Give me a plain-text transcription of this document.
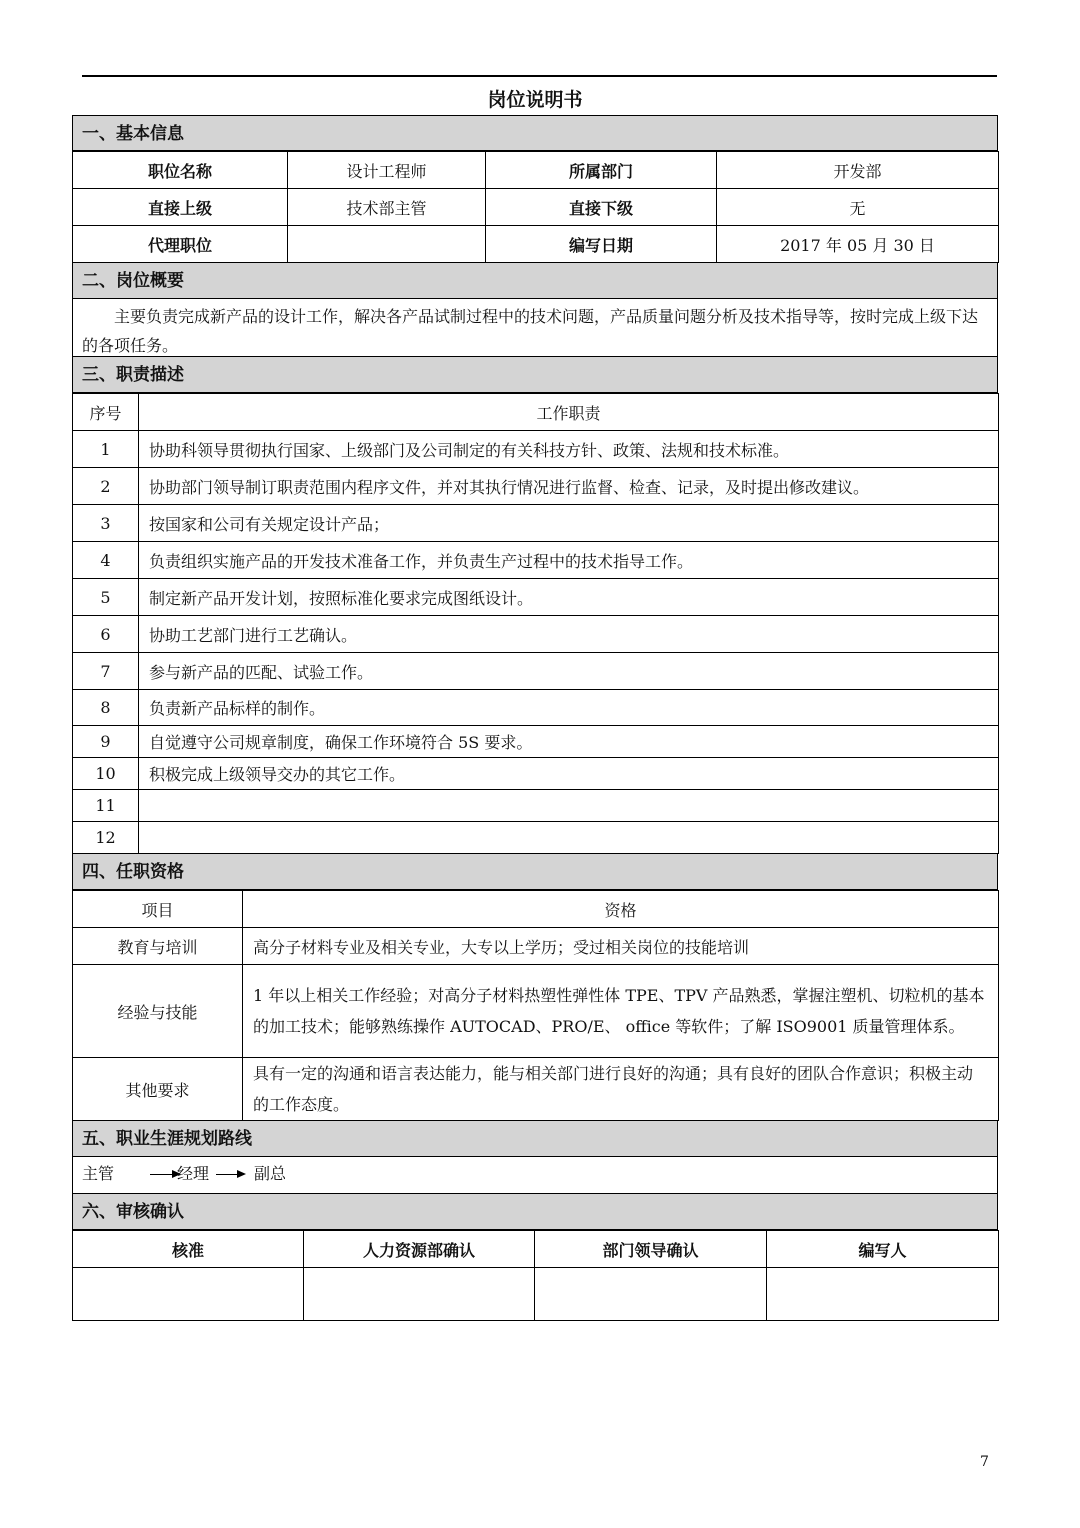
岗位说明书
一、基本信息
职位名称	设计工程师	所属部门	开发部
直接上级	技术部主管	直接下级	无
代理职位		编写日期	2017 年 05 月 30 日
二、岗位概要
主要负责完成新产品的设计工作，解决各产品试制过程中的技术问题，产品质量问题分析及技术指导等，按时完成上级下达的各项任务。
三、职责描述
序号	工作职责
1	协助科领导贯彻执行国家、上级部门及公司制定的有关科技方针、政策、法规和技术标准。
2	协助部门领导制订职责范围内程序文件，并对其执行情况进行监督、检查、记录，及时提出修改建议。
3	按国家和公司有关规定设计产品；
4	负责组织实施产品的开发技术准备工作，并负责生产过程中的技术指导工作。
5	制定新产品开发计划，按照标准化要求完成图纸设计。
6	协助工艺部门进行工艺确认。
7	参与新产品的匹配、试验工作。
8	负责新产品标样的制作。
9	自觉遵守公司规章制度，确保工作环境符合 5S 要求。
10	积极完成上级领导交办的其它工作。
11	
12	
四、任职资格
项目	资格
教育与培训	高分子材料专业及相关专业，大专以上学历；受过相关岗位的技能培训
经验与技能	1 年以上相关工作经验；对高分子材料热塑性弹性体 TPE、TPV 产品熟悉，掌握注塑机、切粒机的基本的加工技术；能够熟练操作 AUTOCAD、PRO/E、 office 等软件；了解 ISO9001 质量管理体系。
其他要求	具有一定的沟通和语言表达能力，能与相关部门进行良好的沟通；具有良好的团队合作意识；积极主动的工作态度。
五、职业生涯规划路线
主管	经理	副总
六、审核确认
核准	人力资源部确认	部门领导确认	编写人

7
